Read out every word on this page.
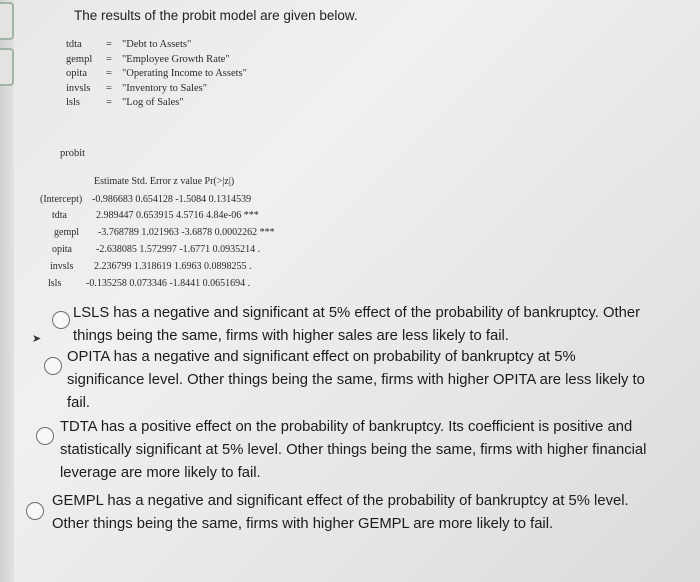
The results of the probit model are given below.
tdta	= "Debt to Assets"
gempl	= "Employee Growth Rate"
opita	= "Operating Income to Assets"
invsls	= "Inventory to Sales"
lsls	= "Log of Sales"
probit
Estimate Std. Error z value Pr(>|z|)
(Intercept) -0.986683 0.654128 -1.5084 0.1314539
tdta	2.989447 0.653915 4.5716 4.84e-06 ***
gempl	-3.768789 1.021963 -3.6878 0.0002262 ***
opita	-2.638085 1.572997 -1.6771 0.0935214 .
invsls	2.236799 1.318619 1.6963 0.0898255 .
lsls	-0.135258 0.073346 -1.8441 0.0651694 .
➤
LSLS has a negative and significant at 5% effect of the probability of bankruptcy. Other things being the same, firms with higher sales are less likely to fail.
OPITA has a negative and significant effect on probability of bankruptcy at 5% significance level. Other things being the same, firms with higher OPITA are less likely to fail.
TDTA has a positive effect on the probability of bankruptcy. Its coefficient is positive and statistically significant at 5% level. Other things being the same, firms with higher financial leverage are more likely to fail.
GEMPL has a negative and significant effect of the probability of bankruptcy at 5% level. Other things being the same, firms with higher GEMPL are more likely to fail.
